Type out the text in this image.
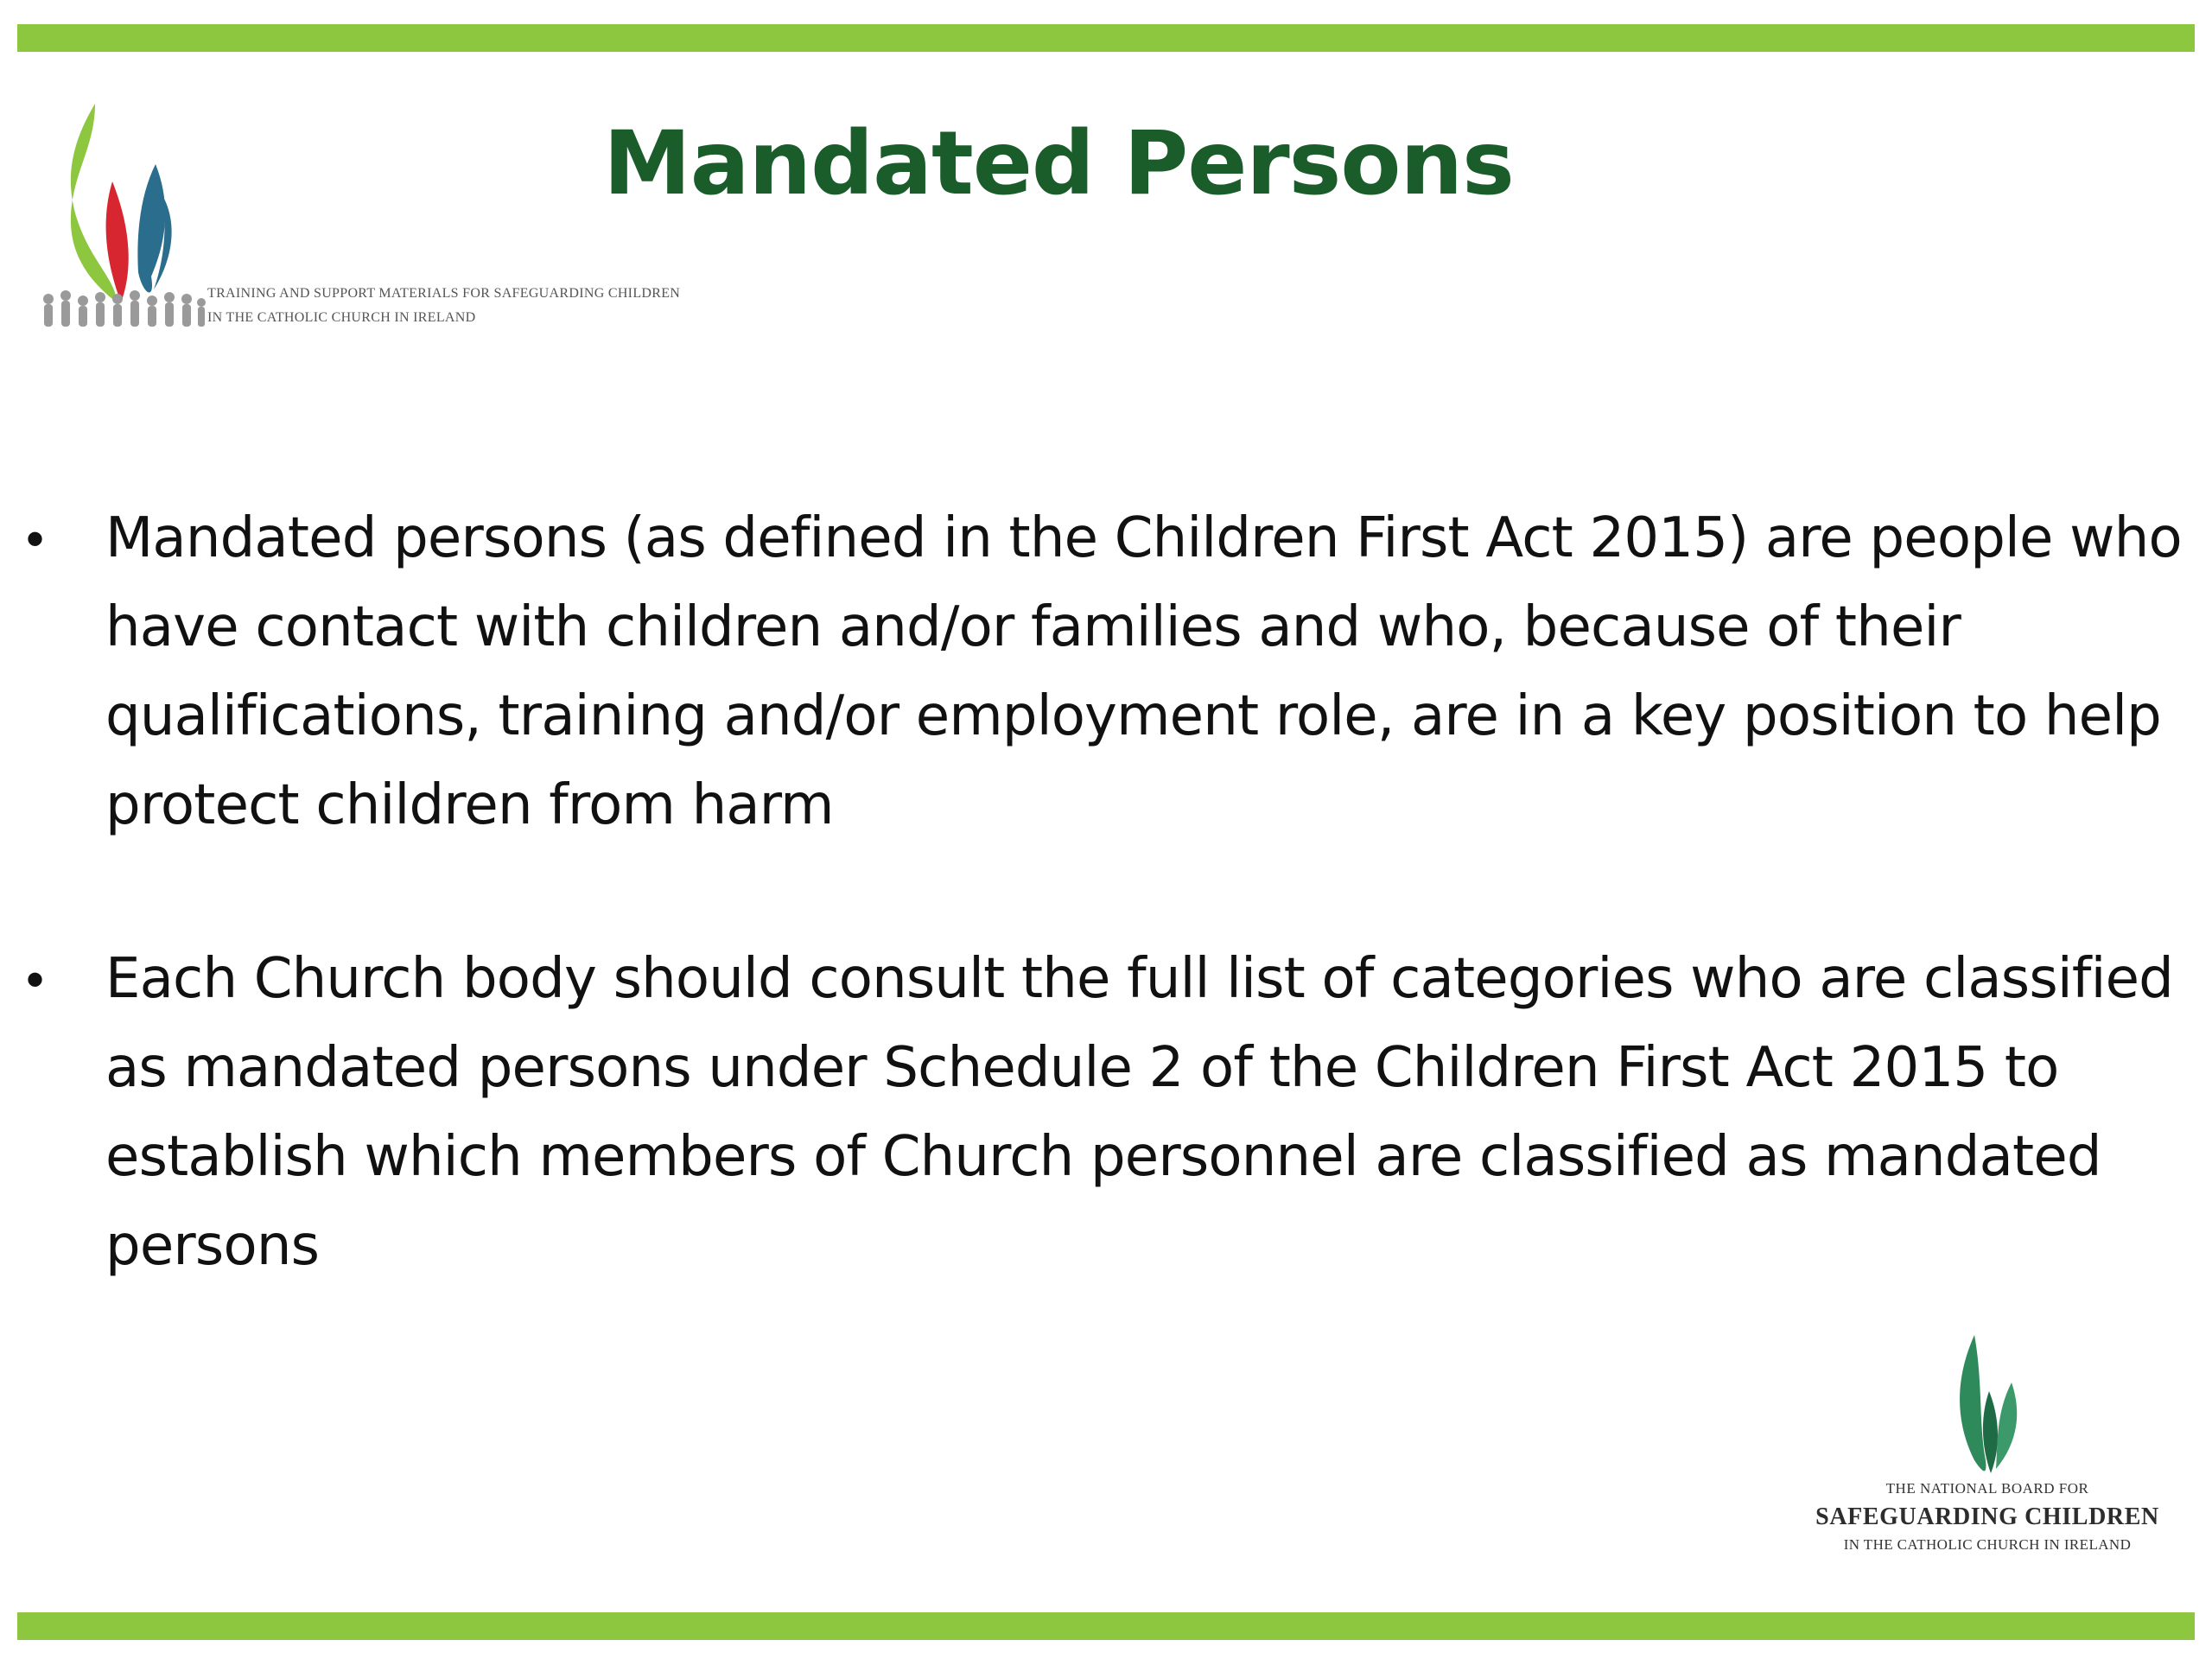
TRAINING AND SUPPORT MATERIALS FOR SAFEGUARDING CHILDREN
IN THE CATHOLIC CHURCH IN IRELAND
Mandated Persons
• Mandated persons (as defined in the Children First Act 2015) are people who have contact with children and/or families and who, because of their qualifications, training and/or employment role, are in a key position to help protect children from harm
• Each Church body should consult the full list of categories who are classified as mandated persons under Schedule 2 of the Children First Act 2015 to establish which members of Church personnel are classified as mandated persons
THE NATIONAL BOARD FOR
SAFEGUARDING CHILDREN
IN THE CATHOLIC CHURCH IN IRELAND
